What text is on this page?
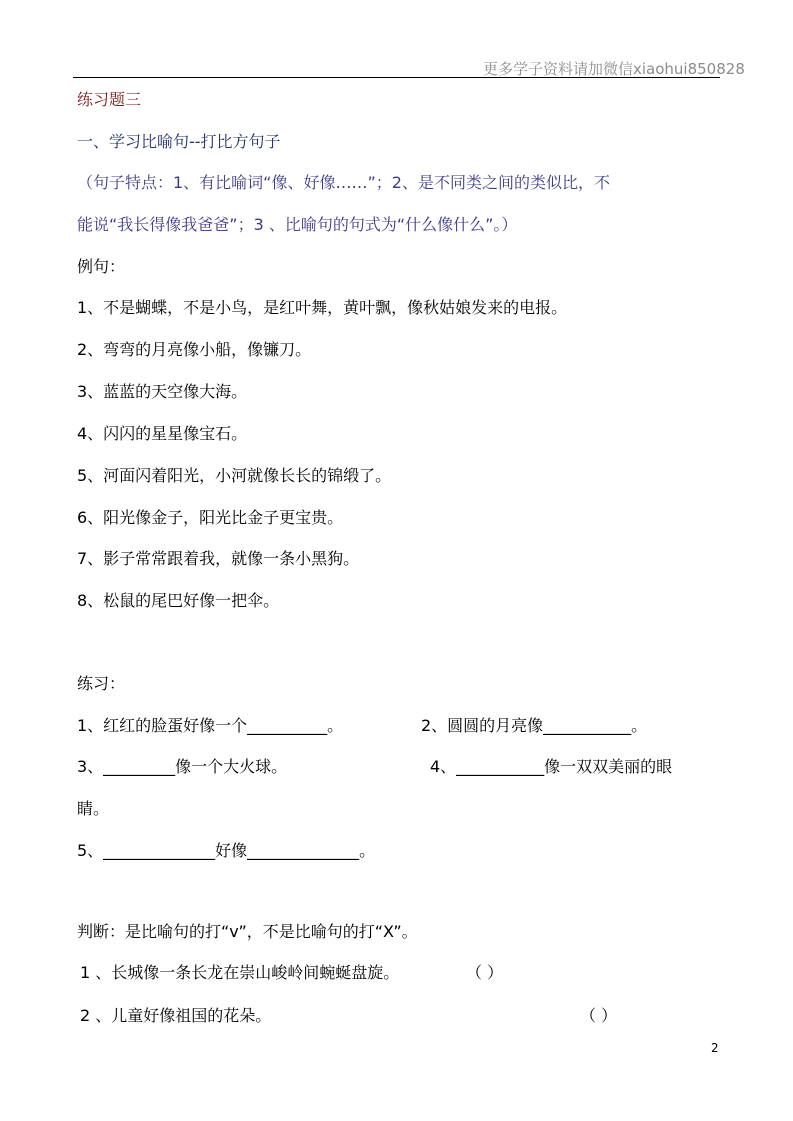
更多学子资料请加微信xiaohui850828
练习题三
一、学习比喻句--打比方句子
（句子特点：1、有比喻词“像、好像……”；2、是不同类之间的类似比，不
能说“我长得像我爸爸”；3 、比喻句的句式为“什么像什么”。）
例句：
1、不是蝴蝶，不是小鸟，是红叶舞，黄叶飘，像秋姑娘发来的电报。
2、弯弯的月亮像小船，像镰刀。
3、蓝蓝的天空像大海。
4、闪闪的星星像宝石。
5、河面闪着阳光，小河就像长长的锦缎了。
6、阳光像金子，阳光比金子更宝贵。
7、影子常常跟着我，就像一条小黑狗。
8、松鼠的尾巴好像一把伞。
练习：
1、红红的脸蛋好像一个__________。	2、圆圆的月亮像___________。
3、_________像一个大火球。	4、___________像一双双美丽的眼
睛。
5、______________好像______________。
判断：是比喻句的打“v”，不是比喻句的打“X”。
1 、长城像一条长龙在崇山峻岭间蜿蜒盘旋。	（ ）
2 、儿童好像祖国的花朵。	（ ）
2
